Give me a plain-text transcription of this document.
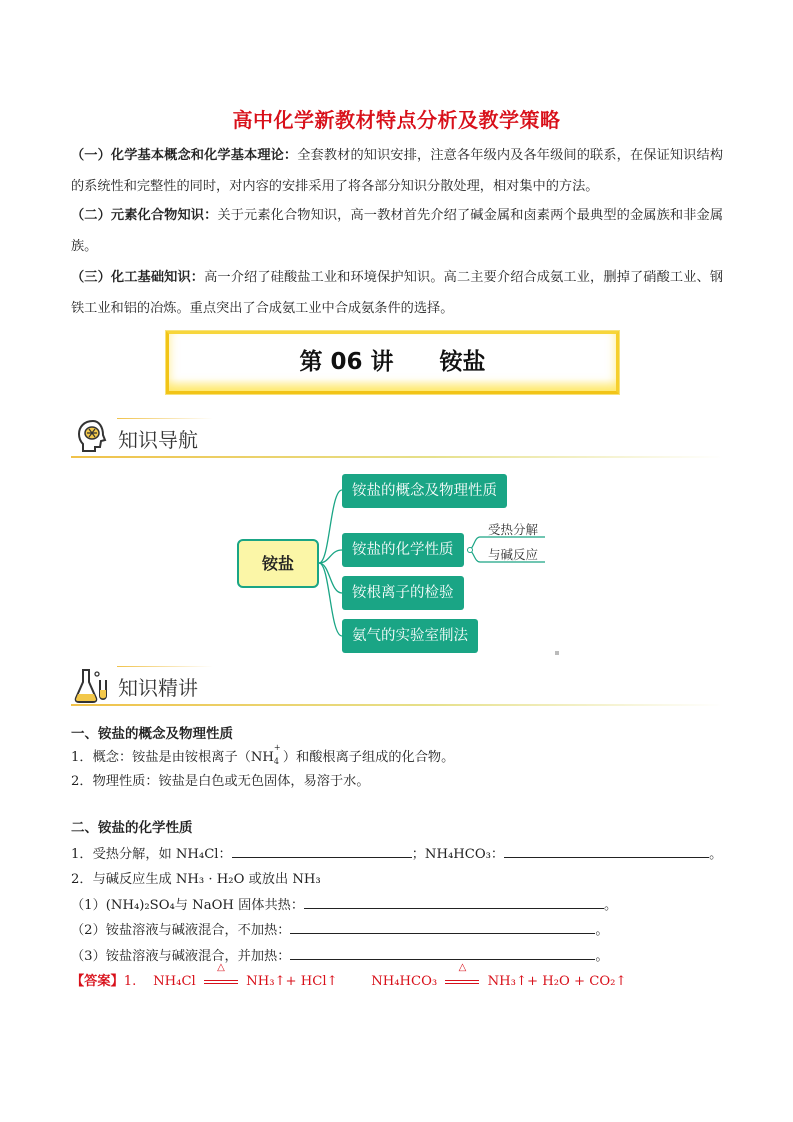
高中化学新教材特点分析及教学策略
（一）化学基本概念和化学基本理论：全套教材的知识安排，注意各年级内及各年级间的联系，在保证知识结构的系统性和完整性的同时，对内容的安排采用了将各部分知识分散处理，相对集中的方法。
（二）元素化合物知识：关于元素化合物知识，高一教材首先介绍了碱金属和卤素两个最典型的金属族和非金属族。
（三）化工基础知识：高一介绍了硅酸盐工业和环境保护知识。高二主要介绍合成氨工业，删掉了硝酸工业、钢铁工业和铝的冶炼。重点突出了合成氨工业中合成氨条件的选择。
第 06 讲 铵盐
知识导航
铵盐
铵盐的概念及物理性质
铵盐的化学性质
铵根离子的检验
氨气的实验室制法
受热分解
与碱反应
知识精讲
一、铵盐的概念及物理性质
1．概念：铵盐是由铵根离子（NH
+
4 ）和酸根离子组成的化合物。
2．物理性质：铵盐是白色或无色固体，易溶于水。
二、铵盐的化学性质
1．受热分解，如 NH₄Cl：	；NH₄HCO₃：	。
2．与碱反应生成 NH₃ · H₂O 或放出 NH₃
（1）(NH₄)₂SO₄与 NaOH 固体共热：	。
（2）铵盐溶液与碱液混合，不加热：	。
（3）铵盐溶液与碱液混合，并加热：	。
【答案】1. NH₄Cl
△
NH₃↑+ HCl↑	NH₄HCO₃
△
NH₃↑+ H₂O + CO₂↑
